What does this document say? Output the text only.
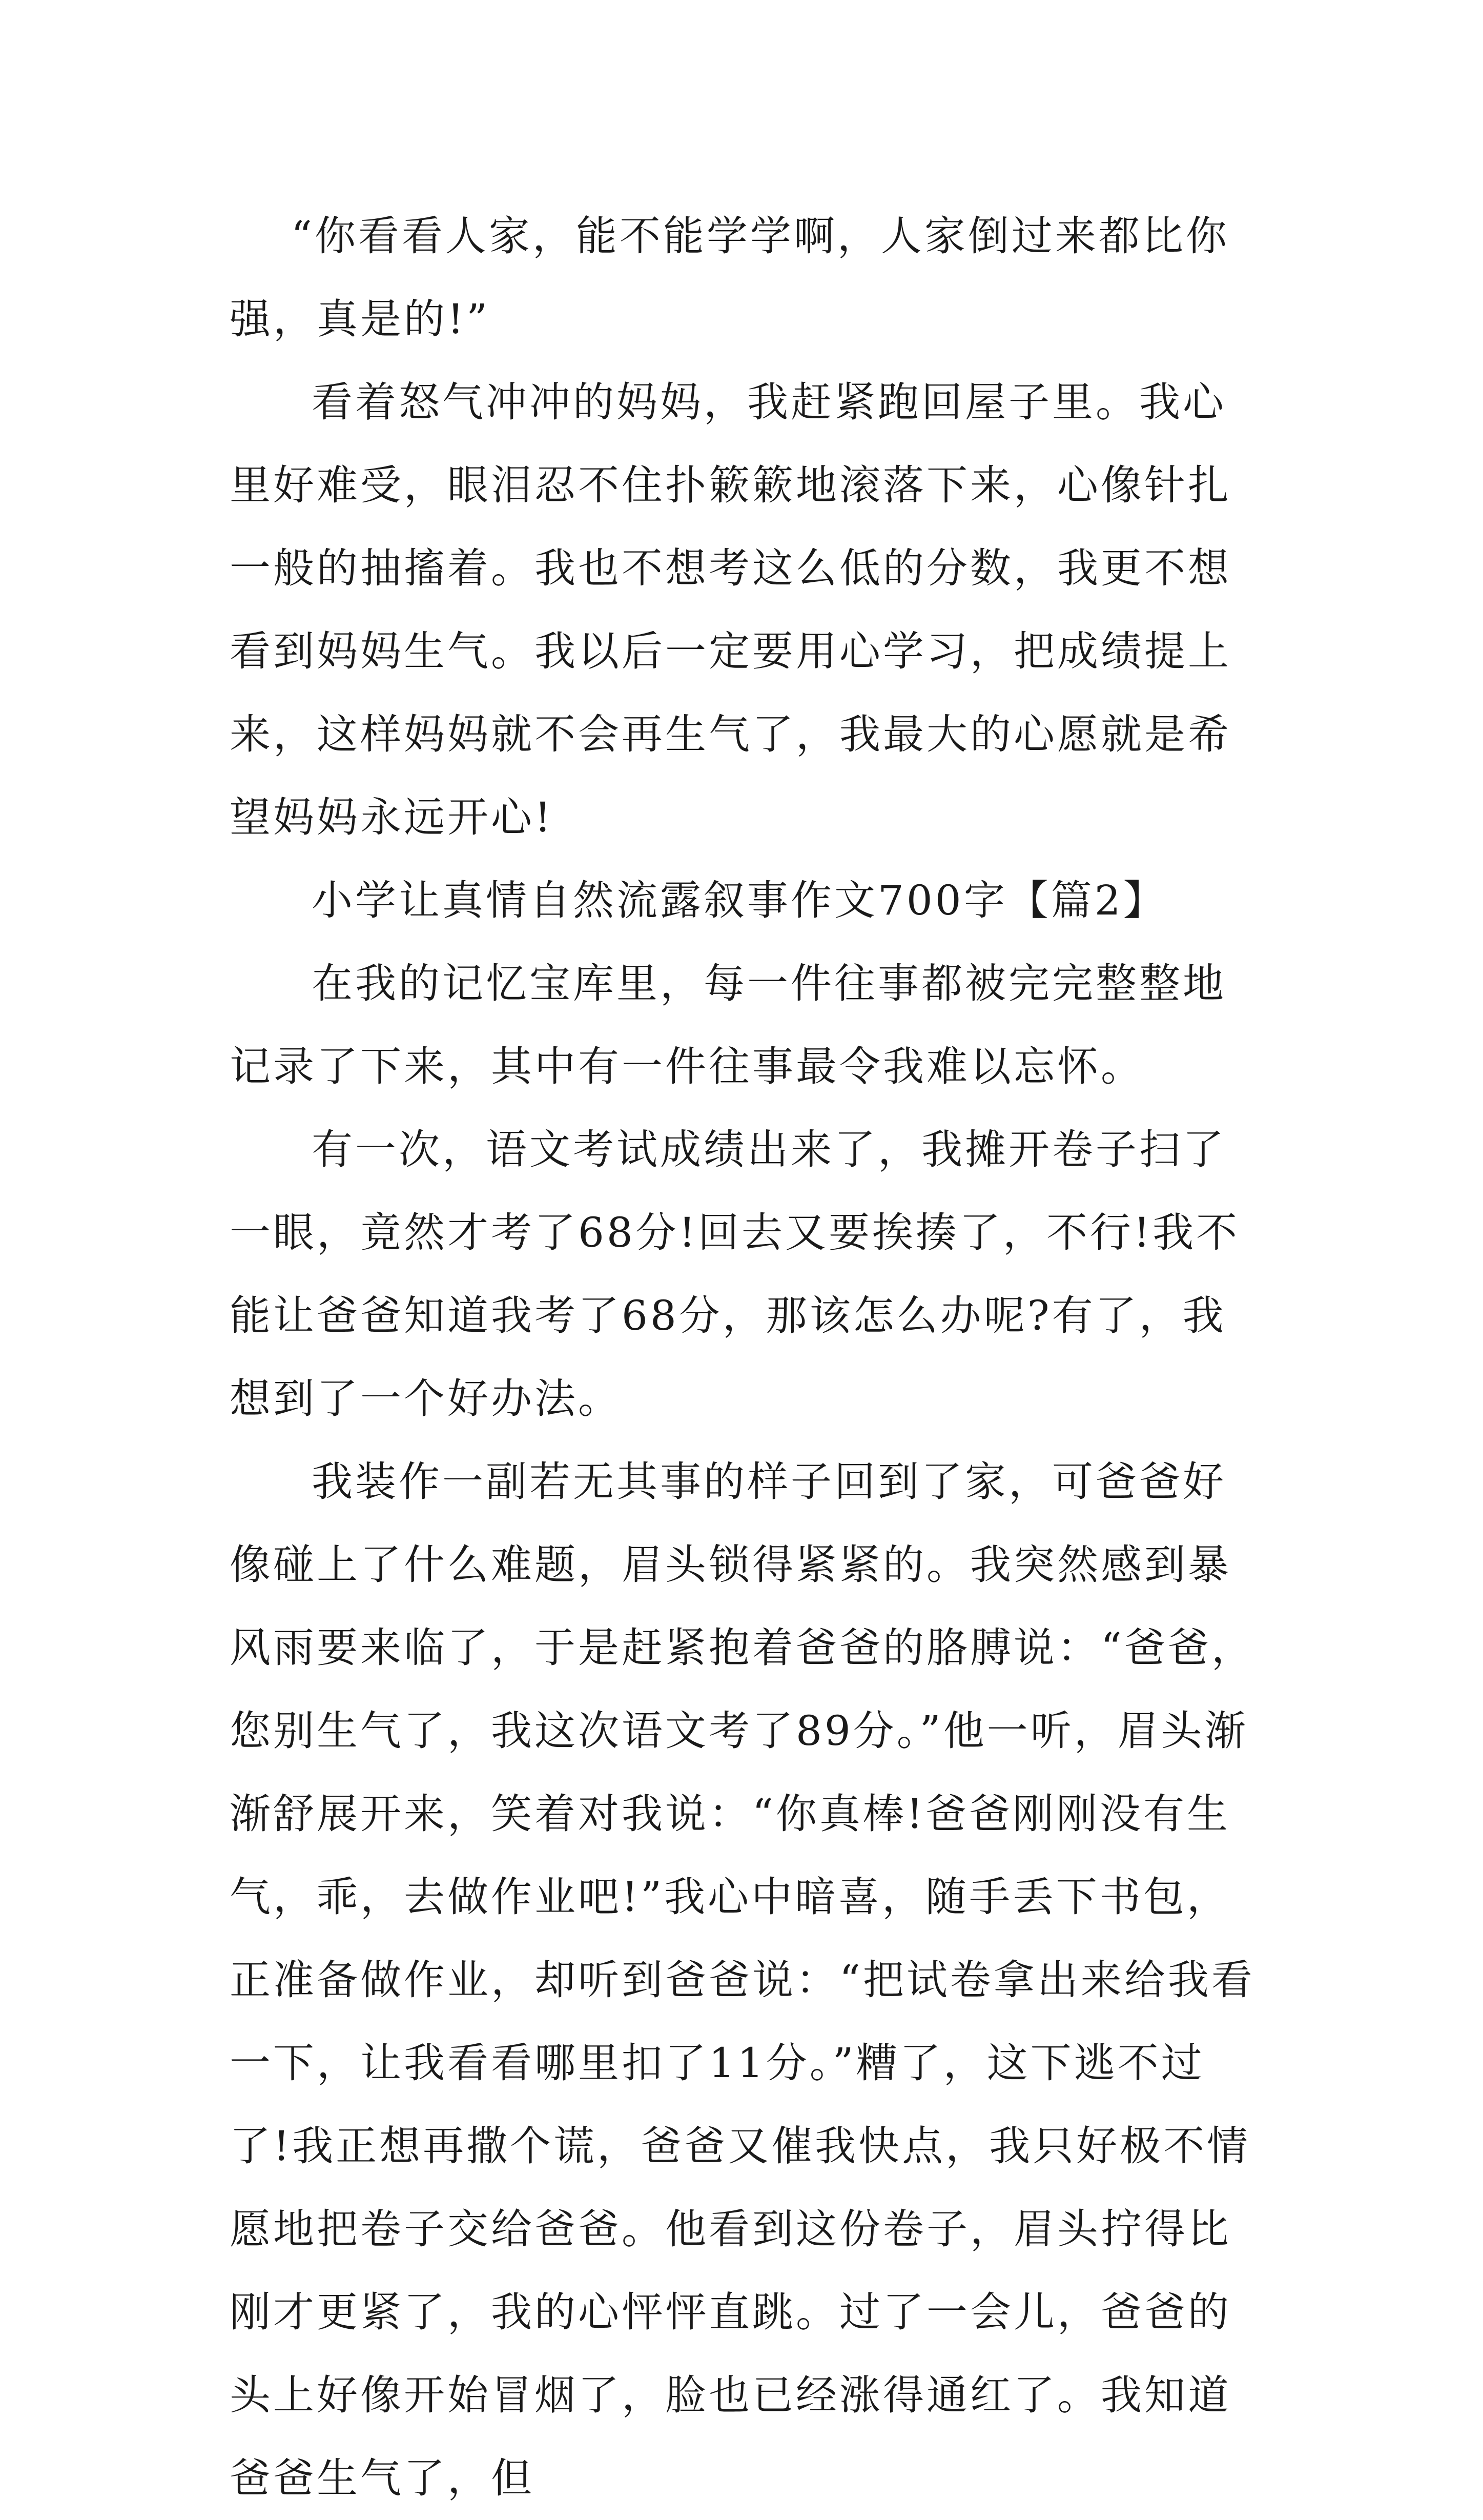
“你看看人家，能不能学学啊，人家倒过来都比你强，真是的!”

看着怒气冲冲的妈妈，我赶紧跑回屋子里。我心里好难受，眼泪忍不住扑簌簌地滚落下来，心像针扎一般的抽搐着。我也不想考这么低的分数，我更不想看到妈妈生气。我以后一定要用心学习，把成绩提上来，这样妈妈就不会再生气了，我最大的心愿就是希望妈妈永远开心!

小学让真情自然流露叙事作文700字【篇2】

在我的记忆宝库里，每一件往事都被完完整整地记录了下来，其中有一件往事最令我难以忘怀。

有一次，语文考试成绩出来了，我摊开卷子扫了一眼，竟然才考了68分!回去又要挨揍了，不行!我不能让爸爸知道我考了68分，那该怎么办呢?有了，我想到了一个好办法。

我装作一副若无其事的样子回到了家，可爸爸好像碰上了什么难题，眉头锁得紧紧的。我突然感到暴风雨要来临了，于是赶紧抱着爸爸的胳膊说：“爸爸，您别生气了，我这次语文考了89分。”他一听，眉头渐渐舒展开来，笑着对我说：“你真棒!爸爸刚刚没有生气，乖，去做作业吧!”我心中暗喜，随手丢下书包，正准备做作业，却听到爸爸说：“把试卷拿出来给我看一下，让我看看哪里扣了11分。”糟了，这下逃不过了!我正想再撒个谎，爸爸又催我快点，我只好极不情愿地把卷子交给爸爸。他看到这份卷子，眉头拧得比刚才更紧了，我的心怦怦直跳。过了一会儿，爸爸的头上好像开始冒烟了，脸也已经涨得通红了。我知道爸爸生气了，但
